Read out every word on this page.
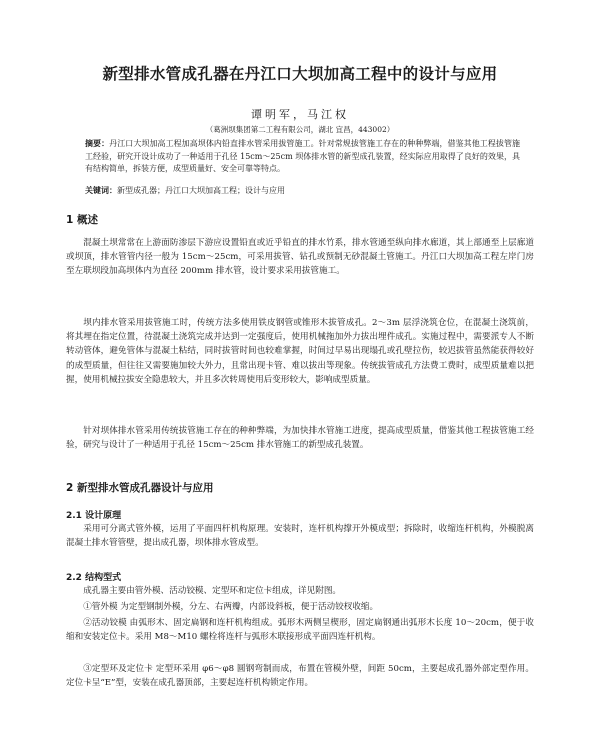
新型排水管成孔器在丹江口大坝加高工程中的设计与应用

谭明军，马江权

（葛洲坝集团第二工程有限公司，湖北 宜昌，443002）

摘要：丹江口大坝加高工程加高坝体内铅直排水管采用拔管施工。针对常规拔管施工存在的种种弊端，借鉴其他工程拔管施工经验，研究开设计成功了一种适用于孔径 15cm～25cm 坝体排水管的新型成孔装置，经实际应用取得了良好的效果，具有结构简单，拆装方便，成型质量好、安全可靠等特点。

关键词：新型成孔器；丹江口大坝加高工程；设计与应用

1 概述

混凝土坝常常在上游面防渗层下游应设置铅直或近乎铅直的排水竹系，排水管通至纵向排水廊道，其上部通至上层廊道或坝顶，排水管管内径一般为 15cm～25cm，可采用拔管、钻孔或预制无砂混凝土管施工。丹江口大坝加高工程左岸门房至左联坝段加高坝体内为直径 200mm 排水管，设计要求采用拔管施工。

坝内排水管采用拔管施工时，传统方法多使用铁皮钢管或锥形木拔管成孔。2～3m 层浮浇筑仓位，在混凝土浇筑前，将其埋在指定位置，待混凝土浇筑完成并达到一定强度后，使用机械拖加外力拔出埋件成孔。实施过程中，需要派专人不断转动管体，避免管体与混凝土粘结，同时拔管时间也较难掌握，时间过早易出现塌孔或孔壁拉伤，较迟拔管虽然能获得较好的成型质量，但往往又需要施加较大外力，且常出现卡管、难以拔出等现象。传统拔管成孔方法费工费时，成型质量难以把握，使用机械拉拔安全隐患较大，并且多次转周使用后变形较大，影响成型质量。

针对坝体排水管采用传统拔管施工存在的种种弊端，为加快排水管施工进度，提高成型质量，借鉴其他工程拔管施工经验，研究与设计了一种适用于孔径 15cm～25cm 排水管施工的新型成孔装置。

2 新型排水管成孔器设计与应用
2.1 设计原理

采用可分离式管外模，运用了平面四杆机构原理。安装时，连杆机构撑开外模成型；拆除时，收缩连杆机构，外模脱离混凝土排水管管壁，提出成孔器，坝体排水管成型。

2.2 结构型式

成孔器主要由管外模、活动铰模、定型环和定位卡组成，详见附图。

①管外模 为定型钢制外模，分左、右两瓣，内部设斜板，便于活动铰杈收缩。

②活动铰模 由弧形木、固定扁钢和连杆机构组成。弧形木两侧呈楔形，固定扁钢通出弧形木长度 10～20cm，便于收缩和安装定位卡。采用 M8～M10 螺栓将连杆与弧形木联接形成平面四连杆机构。

③定型环及定位卡 定型环采用 φ6～φ8 圆钢弯制而成，布置在管模外壁，间距 50cm，主要起成孔器外部定型作用。定位卡呈“E”型，安装在成孔器顶部，主要起连杆机构锁定作用。
